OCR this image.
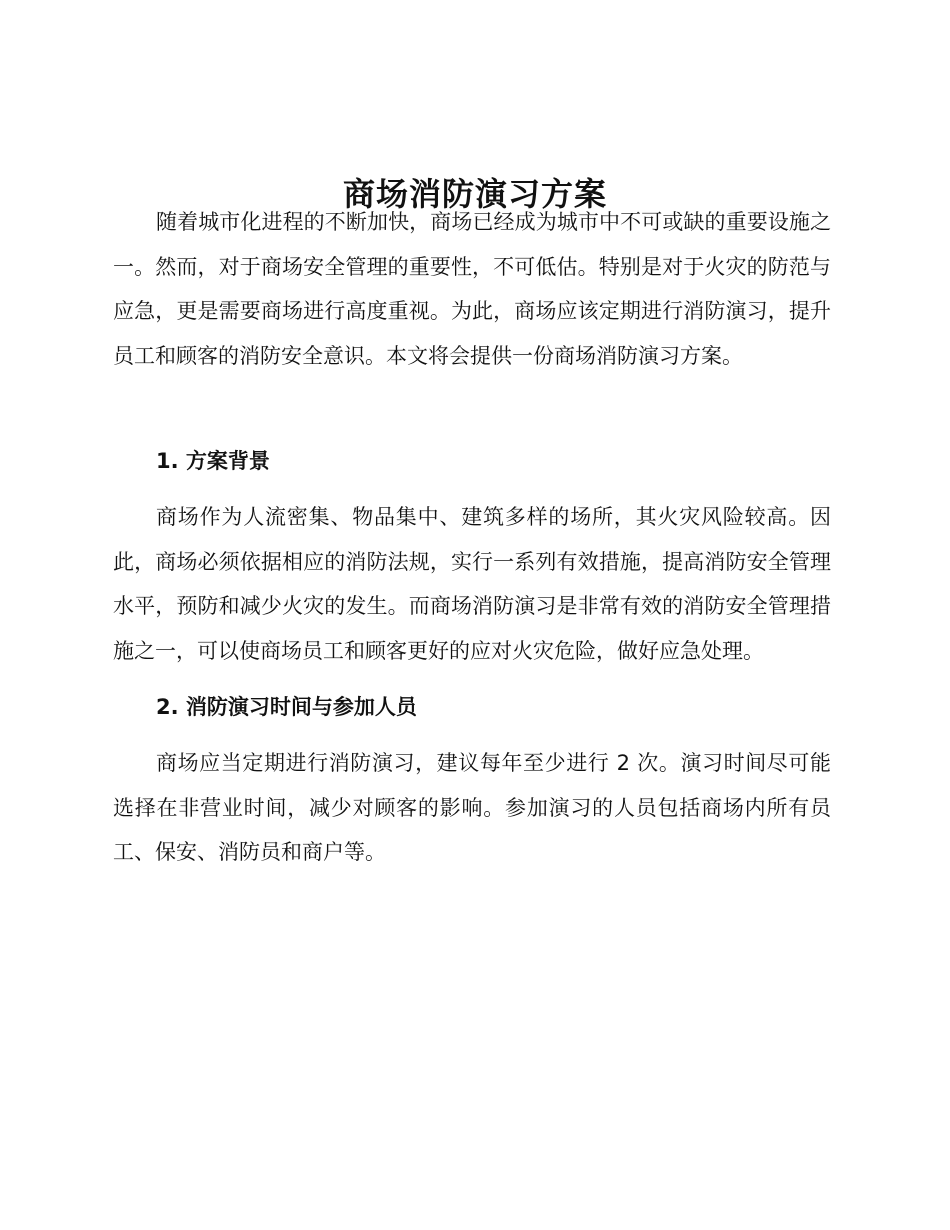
商场消防演习方案

随着城市化进程的不断加快，商场已经成为城市中不可或缺的重要设施之一。然而，对于商场安全管理的重要性，不可低估。特别是对于火灾的防范与应急，更是需要商场进行高度重视。为此，商场应该定期进行消防演习，提升员工和顾客的消防安全意识。本文将会提供一份商场消防演习方案。

1. 方案背景

商场作为人流密集、物品集中、建筑多样的场所，其火灾风险较高。因此，商场必须依据相应的消防法规，实行一系列有效措施，提高消防安全管理水平，预防和减少火灾的发生。而商场消防演习是非常有效的消防安全管理措施之一，可以使商场员工和顾客更好的应对火灾危险，做好应急处理。

2. 消防演习时间与参加人员

商场应当定期进行消防演习，建议每年至少进行 2 次。演习时间尽可能选择在非营业时间，减少对顾客的影响。参加演习的人员包括商场内所有员工、保安、消防员和商户等。
